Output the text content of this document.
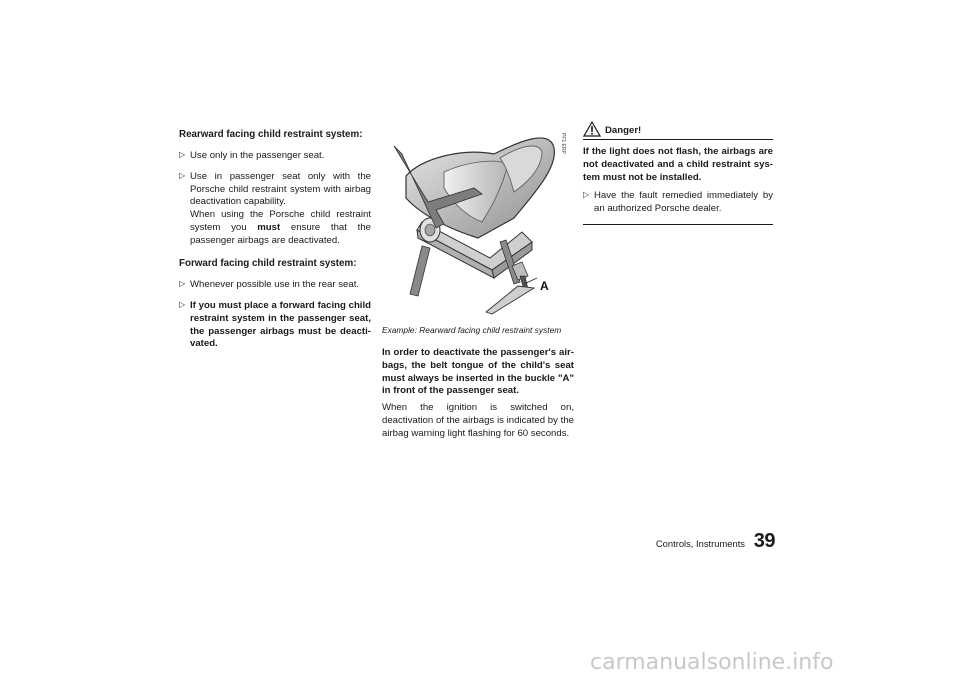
Rearward facing child restraint system:
▷ Use only in the passenger seat.
▷ Use in passenger seat only with the Porsche child restraint system with airbag deactivation capability.
When using the Porsche child restraint system you must ensure that the passenger airbags are deactivated.
Forward facing child restraint system:
▷ Whenever possible use in the rear seat.
▷ If you must place a forward facing child restraint system in the passenger seat, the passenger airbags must be deacti-vated.
A
PF1 ERP
Example: Rearward facing child restraint system
In order to deactivate the passenger's air-bags, the belt tongue of the child's seat must always be inserted in the buckle "A" in front of the passenger seat.
When the ignition is switched on, deactivation of the airbags is indicated by the airbag warning light flashing for 60 seconds.
Danger!
If the light does not flash, the airbags are not deactivated and a child restraint sys-tem must not be installed.
▷ Have the fault remedied immediately by an authorized Porsche dealer.
Controls, Instruments 39
carmanualsonline.info
